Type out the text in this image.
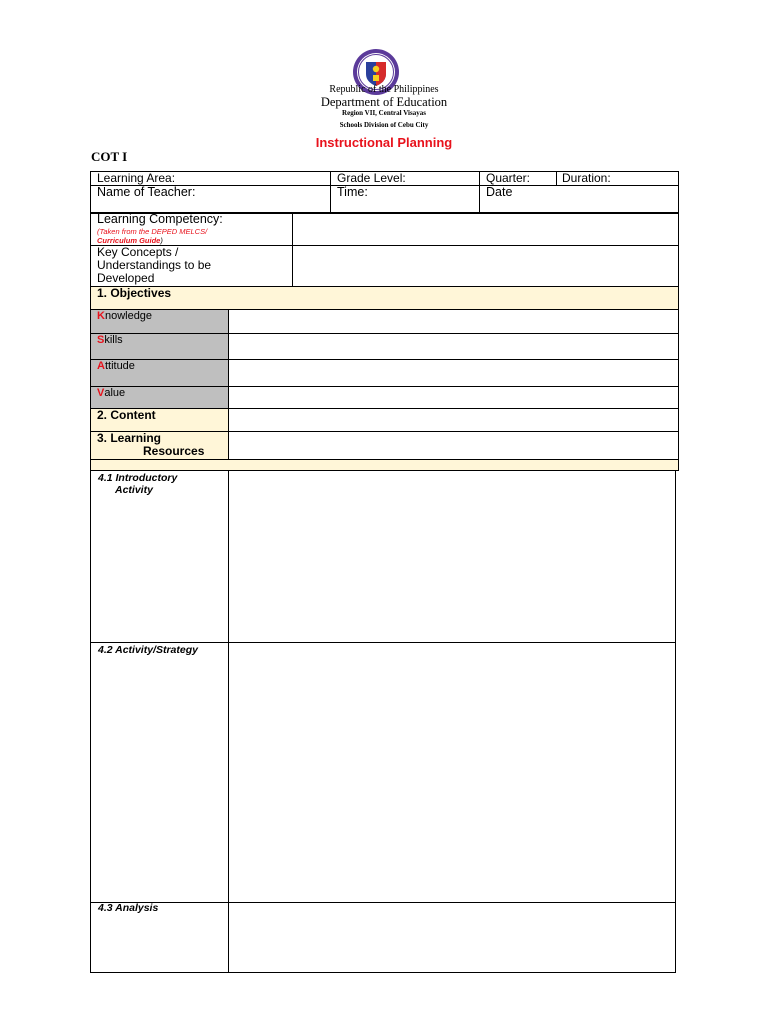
Republic of the Philippines
Department of Education
Region VII, Central Visayas
Schools Division of Cebu City
Instructional Planning
COT I
Learning Area:	Grade Level:	Quarter:	Duration:
Name of Teacher:	Time:	Date
Learning Competency:
(Taken from the DEPED MELCS/
Curriculum Guide)
Key Concepts /
Understandings to be
Developed
1. Objectives
Knowledge
Skills
Attitude
Value
2. Content
3. Learning
Resources
4.1 Introductory
Activity
4.2 Activity/Strategy
4.3 Analysis
